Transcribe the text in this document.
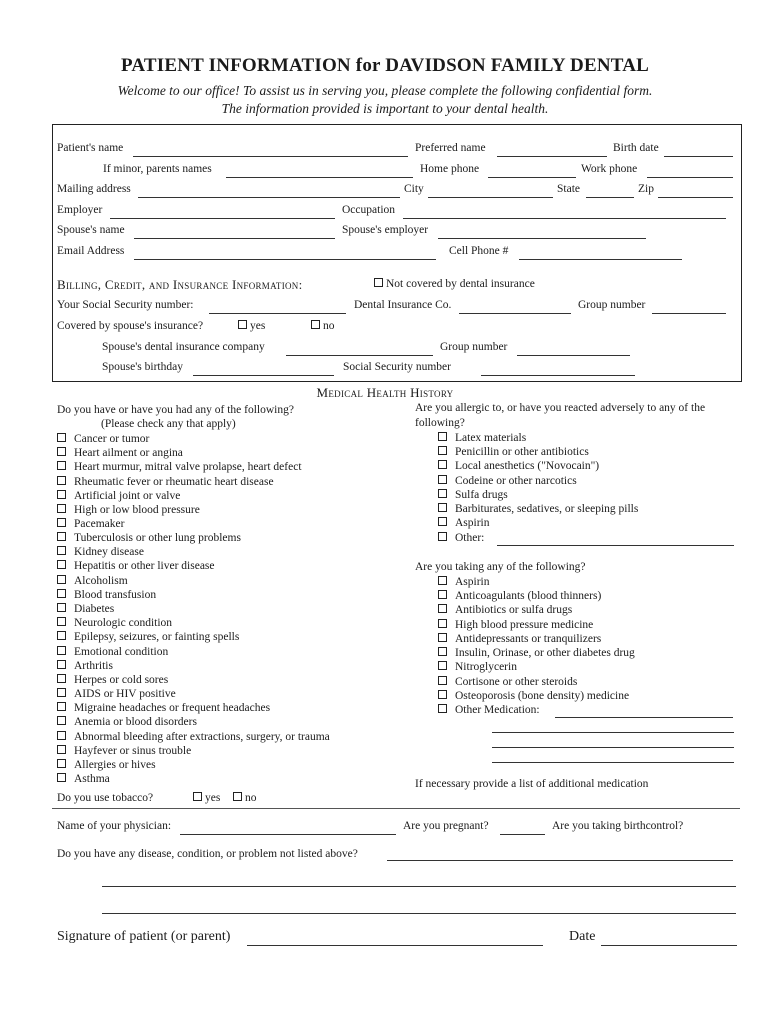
PATIENT INFORMATION for DAVIDSON FAMILY DENTAL
Welcome to our office! To assist us in serving you, please complete the following confidential form.
The information provided is important to your dental health.
Patient's name	Preferred name	Birth date
If minor, parents names	Home phone	Work phone
Mailing address	City	State	Zip
Employer	Occupation
Spouse's name	Spouse's employer
Email Address	Cell Phone #
Billing, Credit, and Insurance Information:	Not covered by dental insurance
Your Social Security number:	Dental Insurance Co.	Group number
Covered by spouse's insurance?	yes	no
Spouse's dental insurance company	Group number
Spouse's birthday	Social Security number
Medical Health History
Do you have or have you had any of the following?
(Please check any that apply)
Cancer or tumor
Heart ailment or angina
Heart murmur, mitral valve prolapse, heart defect
Rheumatic fever or rheumatic heart disease
Artificial joint or valve
High or low blood pressure
Pacemaker
Tuberculosis or other lung problems
Kidney disease
Hepatitis or other liver disease
Alcoholism
Blood transfusion
Diabetes
Neurologic condition
Epilepsy, seizures, or fainting spells
Emotional condition
Arthritis
Herpes or cold sores
AIDS or HIV positive
Migraine headaches or frequent headaches
Anemia or blood disorders
Abnormal bleeding after extractions, surgery, or trauma
Hayfever or sinus trouble
Allergies or hives
Asthma
Do you use tobacco?	yes	no
Are you allergic to, or have you reacted adversely to any of the
following?
Latex materials
Penicillin or other antibiotics
Local anesthetics ("Novocain")
Codeine or other narcotics
Sulfa drugs
Barbiturates, sedatives, or sleeping pills
Aspirin
Other:
Are you taking any of the following?
Aspirin
Anticoagulants (blood thinners)
Antibiotics or sulfa drugs
High blood pressure medicine
Antidepressants or tranquilizers
Insulin, Orinase, or other diabetes drug
Nitroglycerin
Cortisone or other steroids
Osteoporosis (bone density) medicine
Other Medication:
If necessary provide a list of additional medication
Name of your physician:	Are you pregnant?	Are you taking birthcontrol?
Do you have any disease, condition, or problem not listed above?
Signature of patient (or parent)	Date
